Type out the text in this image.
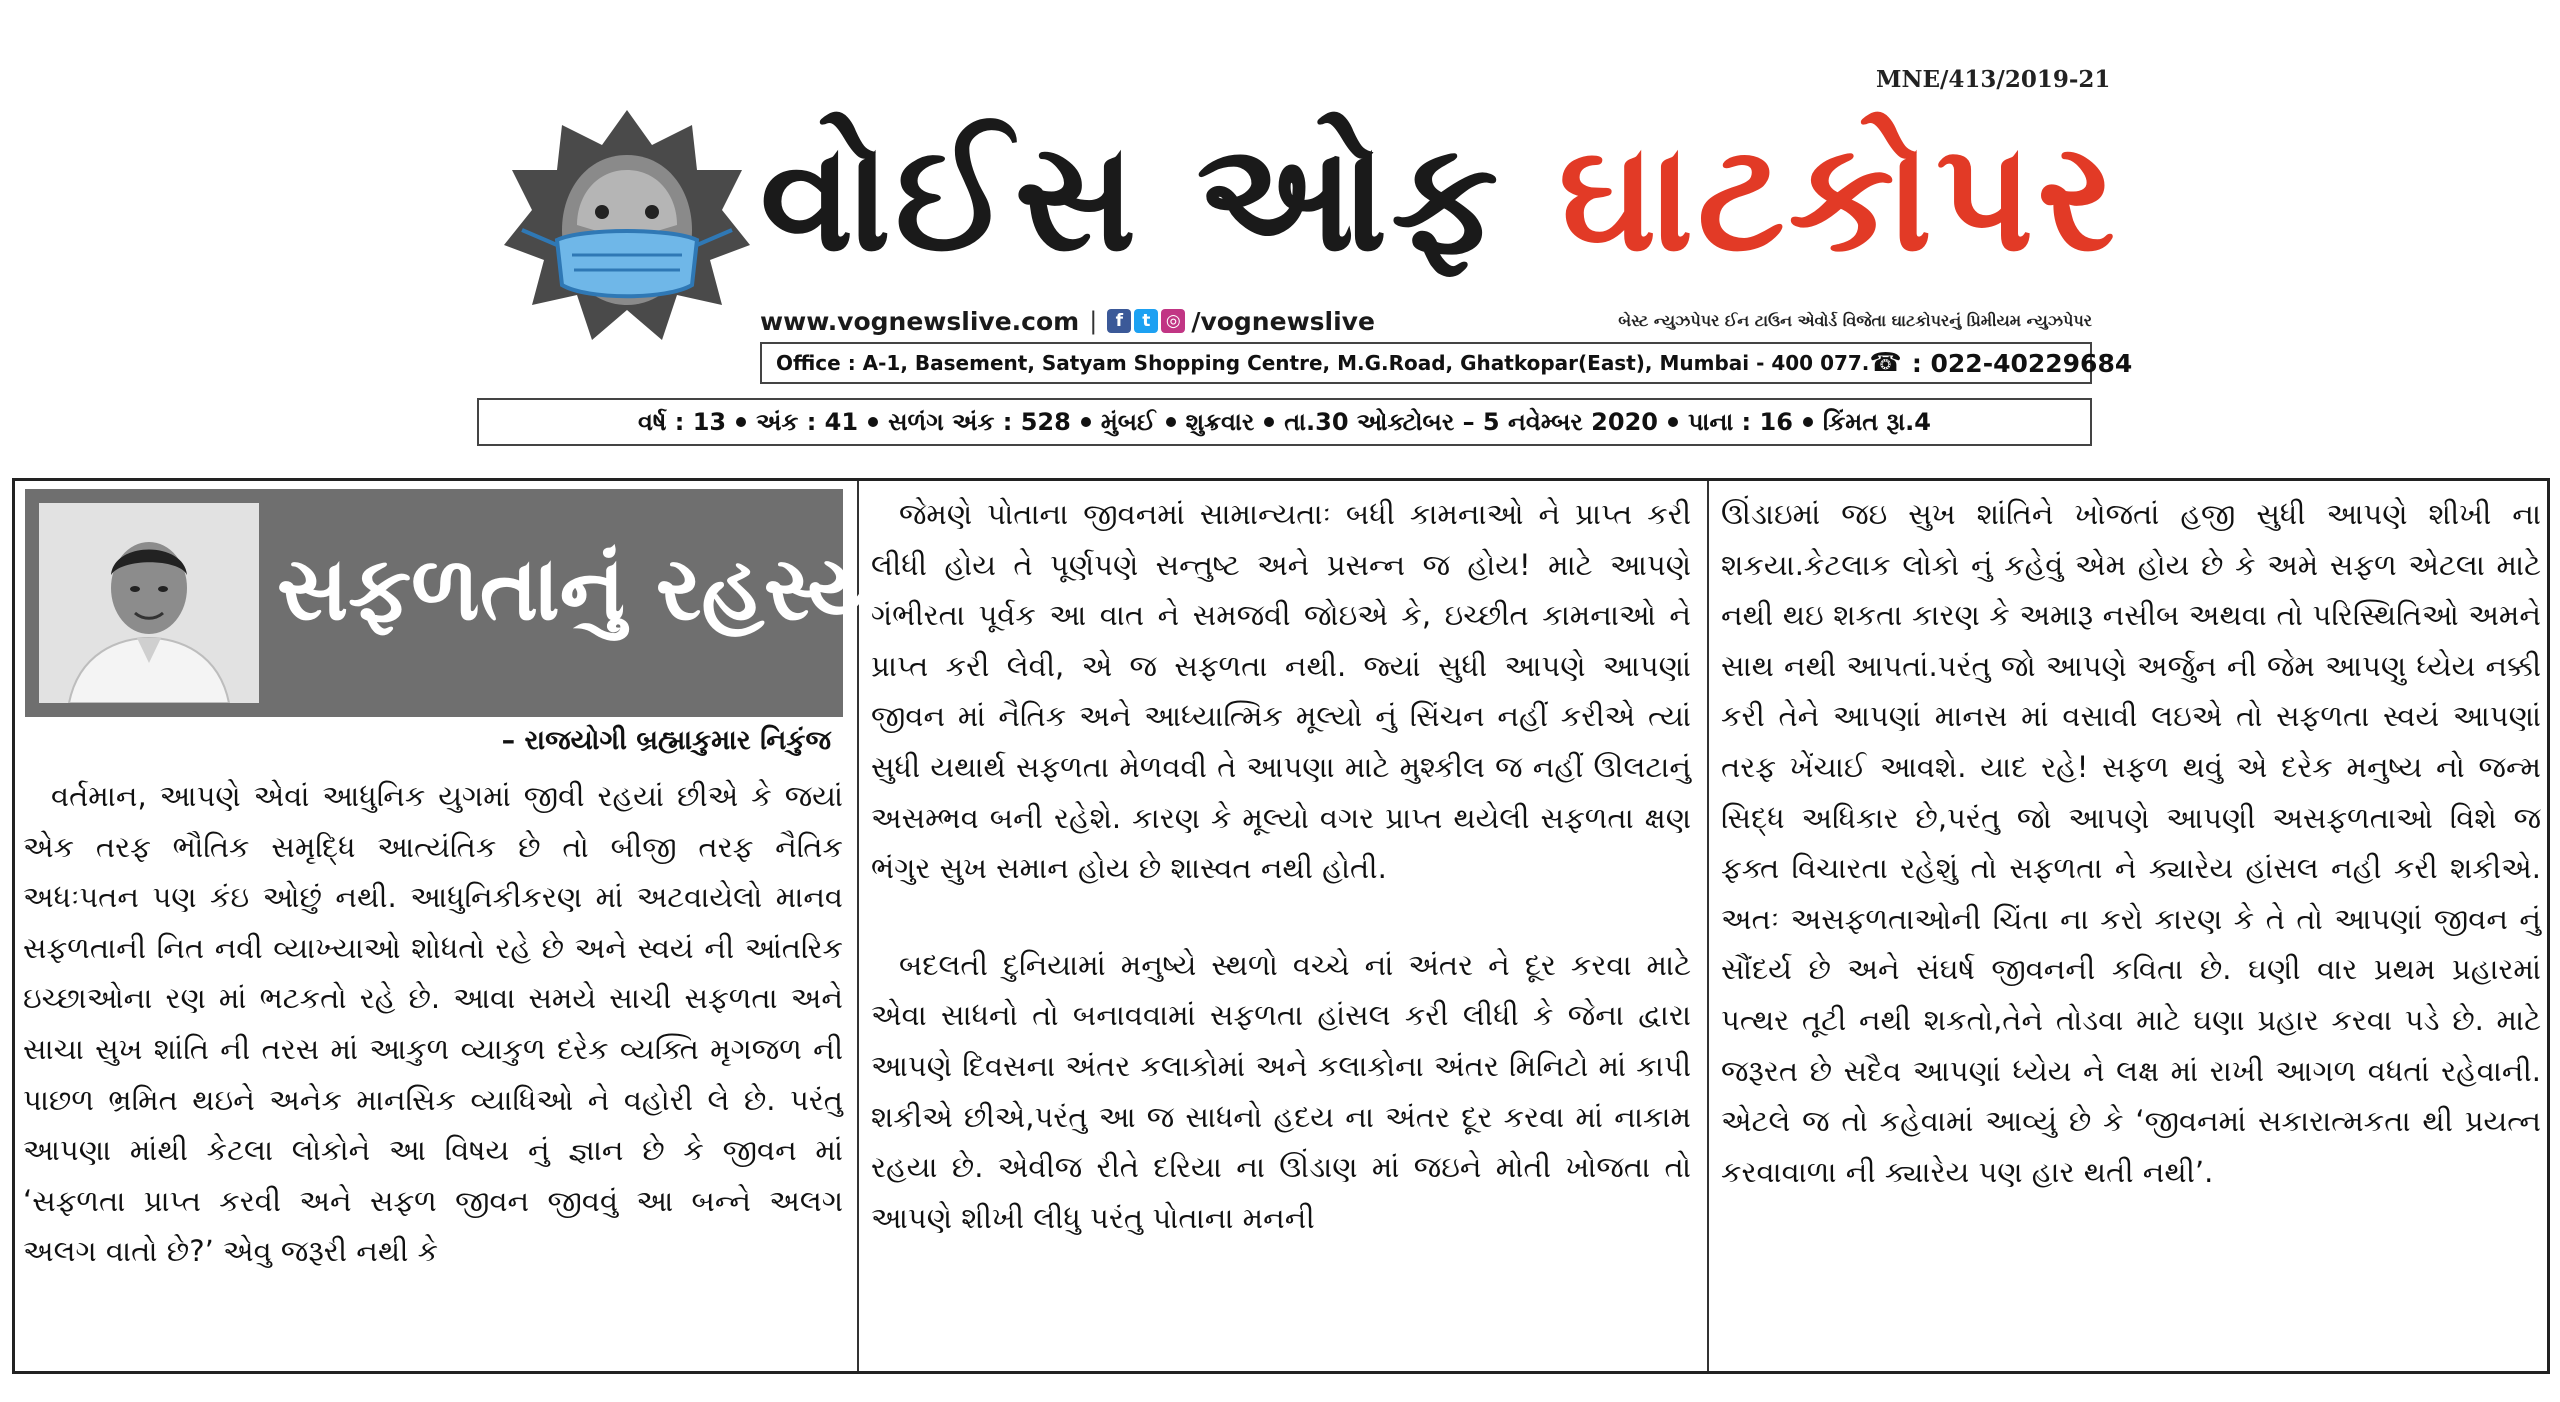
MNE/413/2019-21
વોઈસ ઓફ ઘાટકોપર
www.vognewslive.com |	f	t ◎ /vognewslive	બેસ્ટ ન્યુઝપેપર ઈન ટાઉન એવોર્ડ વિજેતા ઘાટકોપરનું પ્રિમીયમ ન્યુઝપેપર
Office : A-1, Basement, Satyam Shopping Centre, M.G.Road, Ghatkopar(East), Mumbai - 400 077. ☎ : 022-40229684
વર્ષ : 13 અંક : 41 સળંગ અંક : 528 મુંબઈ શુક્રવાર તા.30 ઓક્ટોબર – 5 નવેમ્બર 2020 પાના : 16 કિંમત રૂા.4
સફળતાનું રહસ્ય
– રાજયોગી બ્રહ્માકુમાર નિકુંજ

વર્તમાન, આપણે એવાં આધુનિક યુગમાં જીવી રહયાં છીએ કે જયાં એક તરફ ભૌતિક સમૃદ્ધિ આત્યંતિક છે તો બીજી તરફ નૈતિક અધઃપતન પણ કંઇ ઓછું નથી. આધુનિકીકરણ માં અટવાયેલો માનવ સફળતાની નિત નવી વ્યાખ્યાઓ શોધતો રહે છે અને સ્વયં ની આંતરિક ઇચ્છાઓના રણ માં ભટકતો રહે છે. આવા સમયે સાચી સફળતા અને સાચા સુખ શાંતિ ની તરસ માં આકુળ વ્યાકુળ દરેક વ્યક્તિ મૃગજળ ની પાછળ ભ્રમિત થઇને અનેક માનસિક વ્યાધિઓ ને વહોરી લે છે. પરંતુ આપણા માંથી કેટલા લોકોને આ વિષય નું જ્ઞાન છે કે જીવન માં ‘સફળતા પ્રાપ્ત કરવી અને સફળ જીવન જીવવું આ બન્ને અલગ અલગ વાતો છે?’ એવુ જરૂરી નથી કે

જેમણે પોતાના જીવનમાં સામાન્યતાઃ બધી કામનાઓ ને પ્રાપ્ત કરી લીધી હોય તે પૂર્ણપણે સન્તુષ્ટ અને પ્રસન્ન જ હોય! માટે આપણે ગંભીરતા પૂર્વક આ વાત ને સમજવી જોઇએ કે, ઇચ્છીત કામનાઓ ને પ્રાપ્ત કરી લેવી, એ જ સફળતા નથી. જ્યાં સુધી આપણે આપણાં જીવન માં નૈતિક અને આધ્યાત્મિક મૂલ્યો નું સિંચન નહીં કરીએ ત્યાં સુધી યથાર્થ સફળતા મેળવવી તે આપણા માટે મુશ્કીલ જ નહીં ઊલટાનું અસમ્ભવ બની રહેશે. કારણ કે મૂલ્યો વગર પ્રાપ્ત થયેલી સફળતા ક્ષણ ભંગુર સુખ સમાન હોય છે શાસ્વત નથી હોતી.

બદલતી દુનિયામાં મનુષ્યે સ્થળો વચ્ચે નાં અંતર ને દૂર કરવા માટે એવા સાધનો તો બનાવવામાં સફળતા હાંસલ કરી લીધી કે જેના દ્વારા આપણે દિવસના અંતર કલાકોમાં અને કલાકોના અંતર મિનિટો માં કાપી શકીએ છીએ,પરંતુ આ જ સાધનો હદય ના અંતર દૂર કરવા માં નાકામ રહયા છે. એવીજ રીતે દરિયા ના ઊંડાણ માં જઇને મોતી ખોજતા તો આપણે શીખી લીધુ પરંતુ પોતાના મનની

ઊંડાઇમાં જઇ સુખ શાંતિને ખોજતાં હજી સુધી આપણે શીખી ના શકયા.કેટલાક લોકો નું કહેવું એમ હોય છે કે અમે સફળ એટલા માટે નથી થઇ શકતા કારણ કે અમારૂ નસીબ અથવા તો પરિસ્થિતિઓ અમને સાથ નથી આપતાં.પરંતુ જો આપણે અર્જુન ની જેમ આપણુ ધ્યેય નક્કી કરી તેને આપણાં માનસ માં વસાવી લઇએ તો સફળતા સ્વયં આપણાં તરફ ખેંચાઈ આવશે. યાદ રહે! સફળ થવું એ દરેક મનુષ્ય નો જન્મ સિદ્ધ અધિકાર છે,પરંતુ જો આપણે આપણી અસફળતાઓ વિશે જ ફક્ત વિચારતા રહેશું તો સફળતા ને ક્યારેય હાંસલ નહી કરી શકીએ. અતઃ અસફળતાઓની ચિંતા ના કરો કારણ કે તે તો આપણાં જીવન નું સૌંદર્ય છે અને સંઘર્ષ જીવનની કવિતા છે. ઘણી વાર પ્રથમ પ્રહારમાં પત્થર તૂટી નથી શકતો,તેને તોડવા માટે ઘણા પ્રહાર કરવા પડે છે. માટે જરૂરત છે સદૈવ આપણાં ધ્યેય ને લક્ષ માં રાખી આગળ વધતાં રહેવાની. એટલે જ તો કહેવામાં આવ્યું છે કે ‘જીવનમાં સકારાત્મકતા થી પ્રયત્ન કરવાવાળા ની ક્યારેય પણ હાર થતી નથી’.
